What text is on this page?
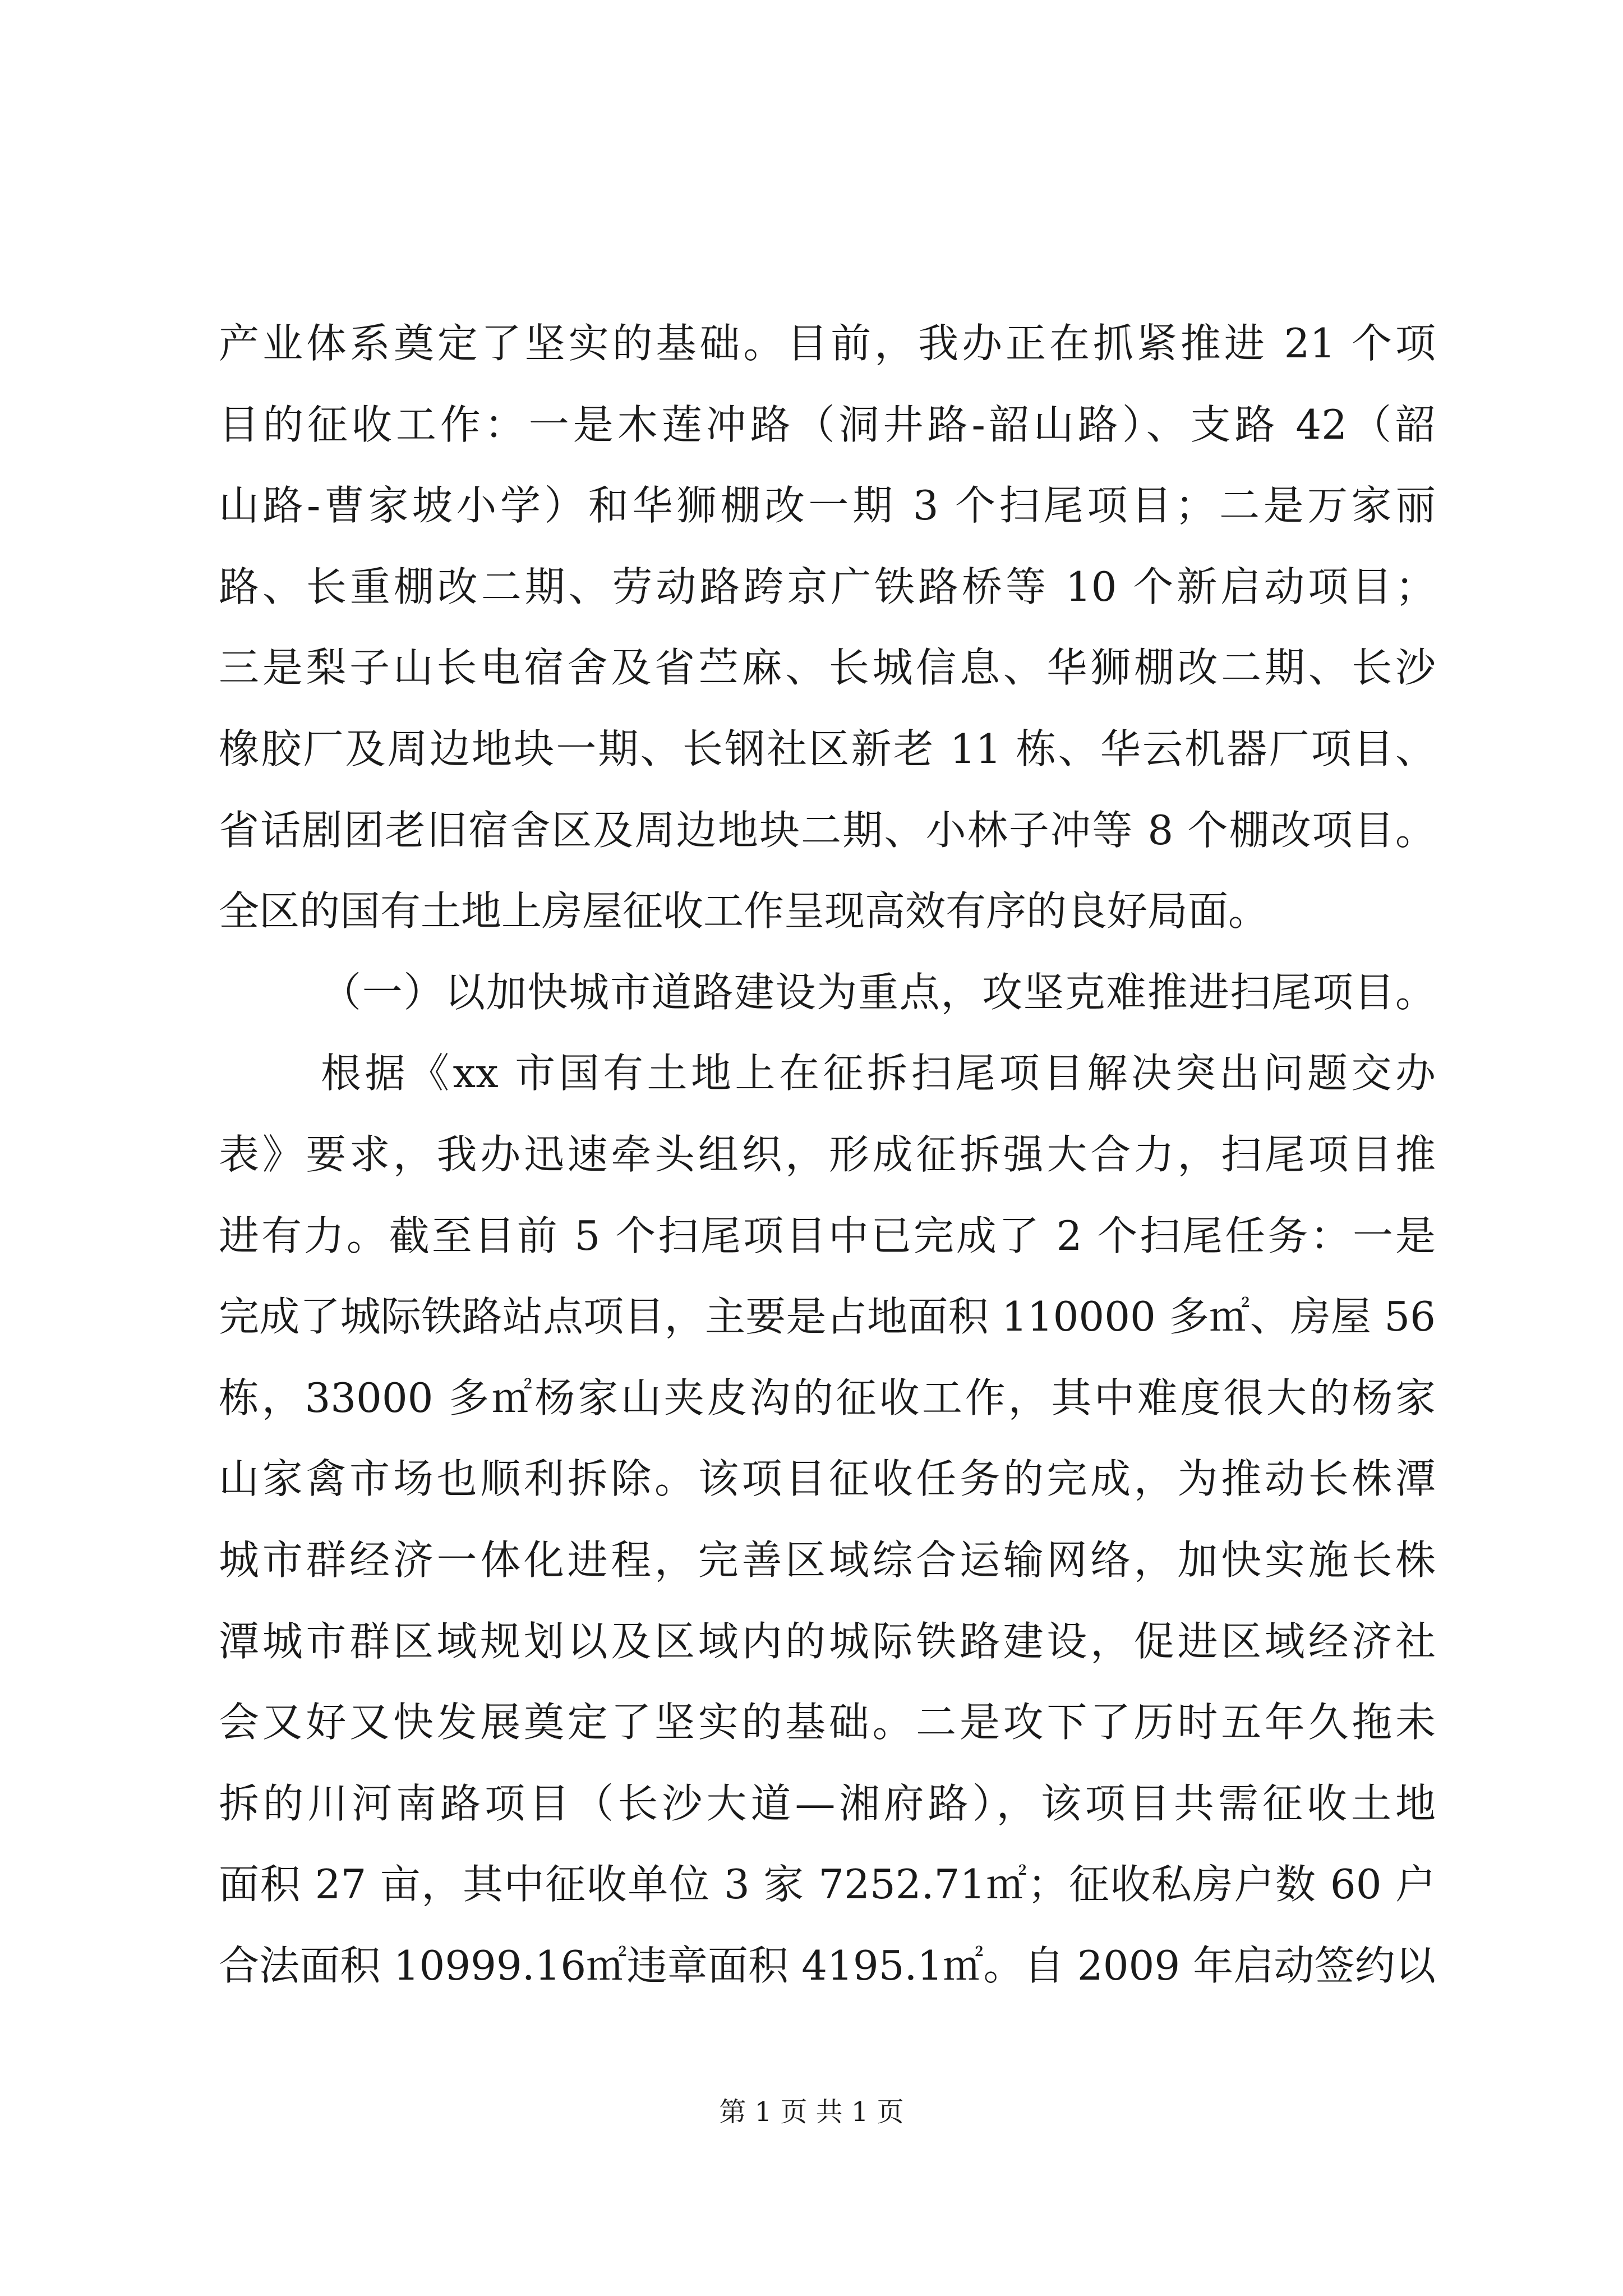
产业体系奠定了坚实的基础。目前，我办正在抓紧推进 21 个项
目的征收工作：一是木莲冲路（洞井路-韶山路）、支路 42（韶
山路-曹家坡小学）和华狮棚改一期 3 个扫尾项目；二是万家丽
路、长重棚改二期、劳动路跨京广铁路桥等 10 个新启动项目；
三是梨子山长电宿舍及省苎麻、长城信息、华狮棚改二期、长沙
橡胶厂及周边地块一期、长钢社区新老 11 栋、华云机器厂项目、
省话剧团老旧宿舍区及周边地块二期、小林子冲等 8 个棚改项目。
全区的国有土地上房屋征收工作呈现高效有序的良好局面。
（一）以加快城市道路建设为重点，攻坚克难推进扫尾项目。
根据《xx 市国有土地上在征拆扫尾项目解决突出问题交办
表》要求，我办迅速牵头组织，形成征拆强大合力，扫尾项目推
进有力。截至目前 5 个扫尾项目中已完成了 2 个扫尾任务：一是
完成了城际铁路站点项目，主要是占地面积 110000 多㎡、房屋 56
栋，33000 多㎡杨家山夹皮沟的征收工作，其中难度很大的杨家
山家禽市场也顺利拆除。该项目征收任务的完成，为推动长株潭
城市群经济一体化进程，完善区域综合运输网络，加快实施长株
潭城市群区域规划以及区域内的城际铁路建设，促进区域经济社
会又好又快发展奠定了坚实的基础。二是攻下了历时五年久拖未
拆的川河南路项目（长沙大道—湘府路），该项目共需征收土地
面积 27 亩，其中征收单位 3 家 7252.71㎡；征收私房户数 60 户
合法面积 10999.16㎡违章面积 4195.1㎡。自 2009 年启动签约以
第 1 页 共 1 页
